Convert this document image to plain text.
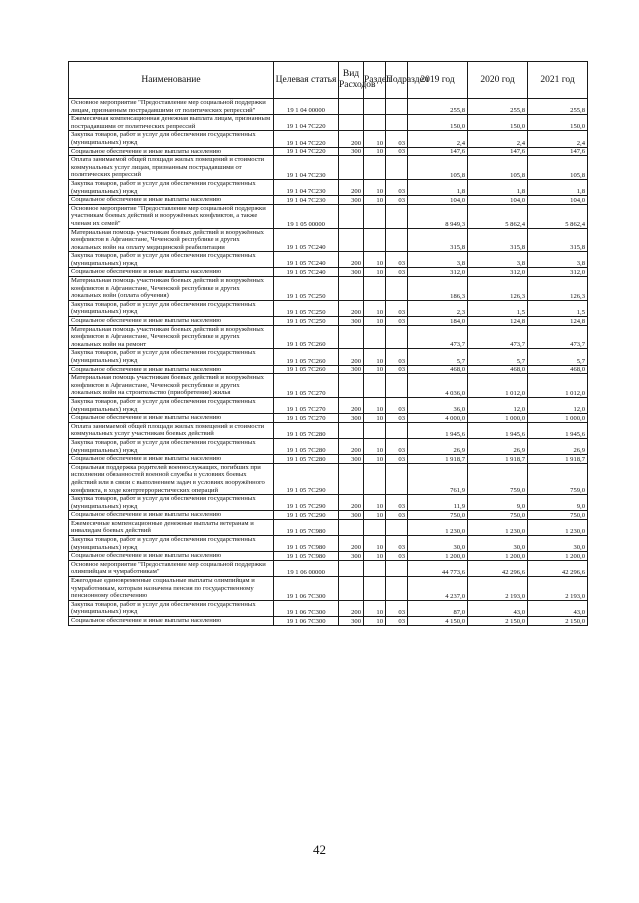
Наименование	Целевая статья	Вид Расходов	Раздел	Подраздел	2019 год	2020 год	2021 год
Основное мероприятие "Предоставление мер социальной поддержки лицам, признанным пострадавшими от политических репрессий"	19 1 04 00000				255,8	255,8	255,8
Ежемесячная компенсационная денежная выплата лицам, признанным пострадавшими от политических репрессий	19 1 04 7С220				150,0	150,0	150,0
Закупка товаров, работ и услуг для обеспечения государственных (муниципальных) нужд	19 1 04 7С220	200	10	03	2,4	2,4	2,4
Социальное обеспечение и иные выплаты населению	19 1 04 7С220	300	10	03	147,6	147,6	147,6
Оплата занимаемой общей площади жилых помещений и стоимости коммунальных услуг лицам, признанным пострадавшими от политических репрессий	19 1 04 7С230				105,8	105,8	105,8
Закупка товаров, работ и услуг для обеспечения государственных (муниципальных) нужд	19 1 04 7С230	200	10	03	1,8	1,8	1,8
Социальное обеспечение и иные выплаты населению	19 1 04 7С230	300	10	03	104,0	104,0	104,0
Основное мероприятие "Предоставление мер социальной поддержки участникам боевых действий и вооружённых конфликтов, а также членам их семей"	19 1 05 00000				8 949,3	5 862,4	5 862,4
Материальная помощь участникам боевых действий и вооружённых конфликтов в Афганистане, Чеченской республике и других локальных войн на оплату медицинской реабилитации	19 1 05 7С240				315,8	315,8	315,8
Закупка товаров, работ и услуг для обеспечения государственных (муниципальных) нужд	19 1 05 7С240	200	10	03	3,8	3,8	3,8
Социальное обеспечение и иные выплаты населению	19 1 05 7С240	300	10	03	312,0	312,0	312,0
Материальная помощь участникам боевых действий и вооружённых конфликтов в Афганистане, Чеченской республике и других локальных войн (оплата обучения)	19 1 05 7С250				186,3	126,3	126,3
Закупка товаров, работ и услуг для обеспечения государственных (муниципальных) нужд	19 1 05 7С250	200	10	03	2,3	1,5	1,5
Социальное обеспечение и иные выплаты населению	19 1 05 7С250	300	10	03	184,0	124,8	124,8
Материальная помощь участникам боевых действий и вооружённых конфликтов в Афганистане, Чеченской республике и других локальных войн на ремонт	19 1 05 7С260				473,7	473,7	473,7
Закупка товаров, работ и услуг для обеспечения государственных (муниципальных) нужд	19 1 05 7С260	200	10	03	5,7	5,7	5,7
Социальное обеспечение и иные выплаты населению	19 1 05 7С260	300	10	03	468,0	468,0	468,0
Материальная помощь участникам боевых действий и вооружённых конфликтов в Афганистане, Чеченской республике и других локальных войн на строительство (приобретение) жилья	19 1 05 7С270				4 036,0	1 012,0	1 012,0
Закупка товаров, работ и услуг для обеспечения государственных (муниципальных) нужд	19 1 05 7С270	200	10	03	36,0	12,0	12,0
Социальное обеспечение и иные выплаты населению	19 1 05 7С270	300	10	03	4 000,0	1 000,0	1 000,0
Оплата занимаемой общей площади жилых помещений и стоимости коммунальных услуг участникам боевых действий	19 1 05 7С280				1 945,6	1 945,6	1 945,6
Закупка товаров, работ и услуг для обеспечения государственных (муниципальных) нужд	19 1 05 7С280	200	10	03	26,9	26,9	26,9
Социальное обеспечение и иные выплаты населению	19 1 05 7С280	300	10	03	1 918,7	1 918,7	1 918,7
Социальная поддержка родителей военнослужащих, погибших при исполнении обязанностей военной службы в условиях боевых действий или в связи с выполнением задач в условиях вооружённого конфликта, в ходе контртеррористических операций	19 1 05 7С290				761,9	759,0	759,0
Закупка товаров, работ и услуг для обеспечения государственных (муниципальных) нужд	19 1 05 7С290	200	10	03	11,9	9,0	9,0
Социальное обеспечение и иные выплаты населению	19 1 05 7С290	300	10	03	750,0	750,0	750,0
Ежемесячные компенсационные денежные выплаты ветеранам и инвалидам боевых действий	19 1 05 7С980				1 230,0	1 230,0	1 230,0
Закупка товаров, работ и услуг для обеспечения государственных (муниципальных) нужд	19 1 05 7С980	200	10	03	30,0	30,0	30,0
Социальное обеспечение и иные выплаты населению	19 1 05 7С980	300	10	03	1 200,0	1 200,0	1 200,0
Основное мероприятие "Предоставление мер социальной поддержки олимпийцам и чумработникам"	19 1 06 00000				44 773,6	42 296,6	42 296,6
Ежегодные единовременные социальные выплаты олимпийцам и чумработникам, которым назначена пенсия по государственному пенсионному обеспечению	19 1 06 7С300				4 237,0	2 193,0	2 193,0
Закупка товаров, работ и услуг для обеспечения государственных (муниципальных) нужд	19 1 06 7С300	200	10	03	87,0	43,0	43,0
Социальное обеспечение и иные выплаты населению	19 1 06 7С300	300	10	03	4 150,0	2 150,0	2 150,0
42
